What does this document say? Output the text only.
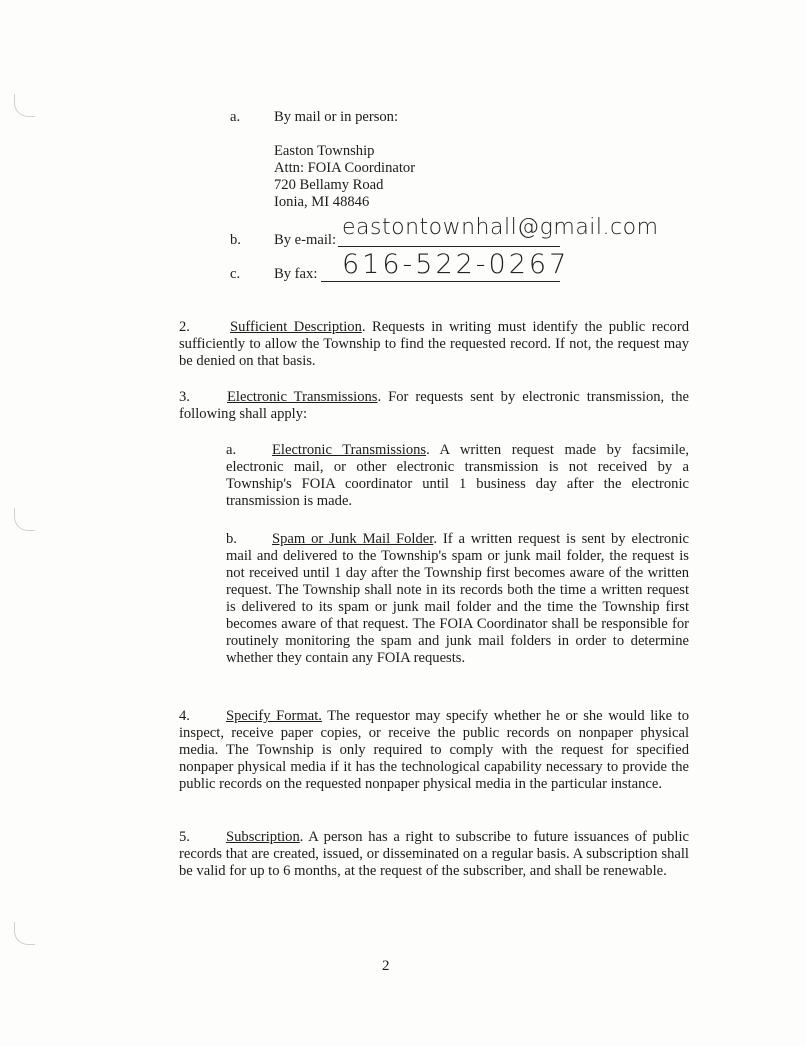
a. By mail or in person:
Easton Township
Attn: FOIA Coordinator
720 Bellamy Road
Ionia, MI 48846
b. By e-mail: eastontownhall@gmail.com
c. By fax: 616-522-0267
2.	Sufficient Description. Requests in writing must identify the public record sufficiently to allow the Township to find the requested record. If not, the request may be denied on that basis.
3.	Electronic Transmissions. For requests sent by electronic transmission, the following shall apply:
a. Electronic Transmissions. A written request made by facsimile, electronic mail, or other electronic transmission is not received by a Township's FOIA coordinator until 1 business day after the electronic transmission is made.
b. Spam or Junk Mail Folder. If a written request is sent by electronic mail and delivered to the Township's spam or junk mail folder, the request is not received until 1 day after the Township first becomes aware of the written request. The Township shall note in its records both the time a written request is delivered to its spam or junk mail folder and the time the Township first becomes aware of that request. The FOIA Coordinator shall be responsible for routinely monitoring the spam and junk mail folders in order to determine whether they contain any FOIA requests.
4. Specify Format. The requestor may specify whether he or she would like to inspect, receive paper copies, or receive the public records on nonpaper physical media. The Township is only required to comply with the request for specified nonpaper physical media if it has the technological capability necessary to provide the public records on the requested nonpaper physical media in the particular instance.
5. Subscription. A person has a right to subscribe to future issuances of public records that are created, issued, or disseminated on a regular basis. A subscription shall be valid for up to 6 months, at the request of the subscriber, and shall be renewable.
2
